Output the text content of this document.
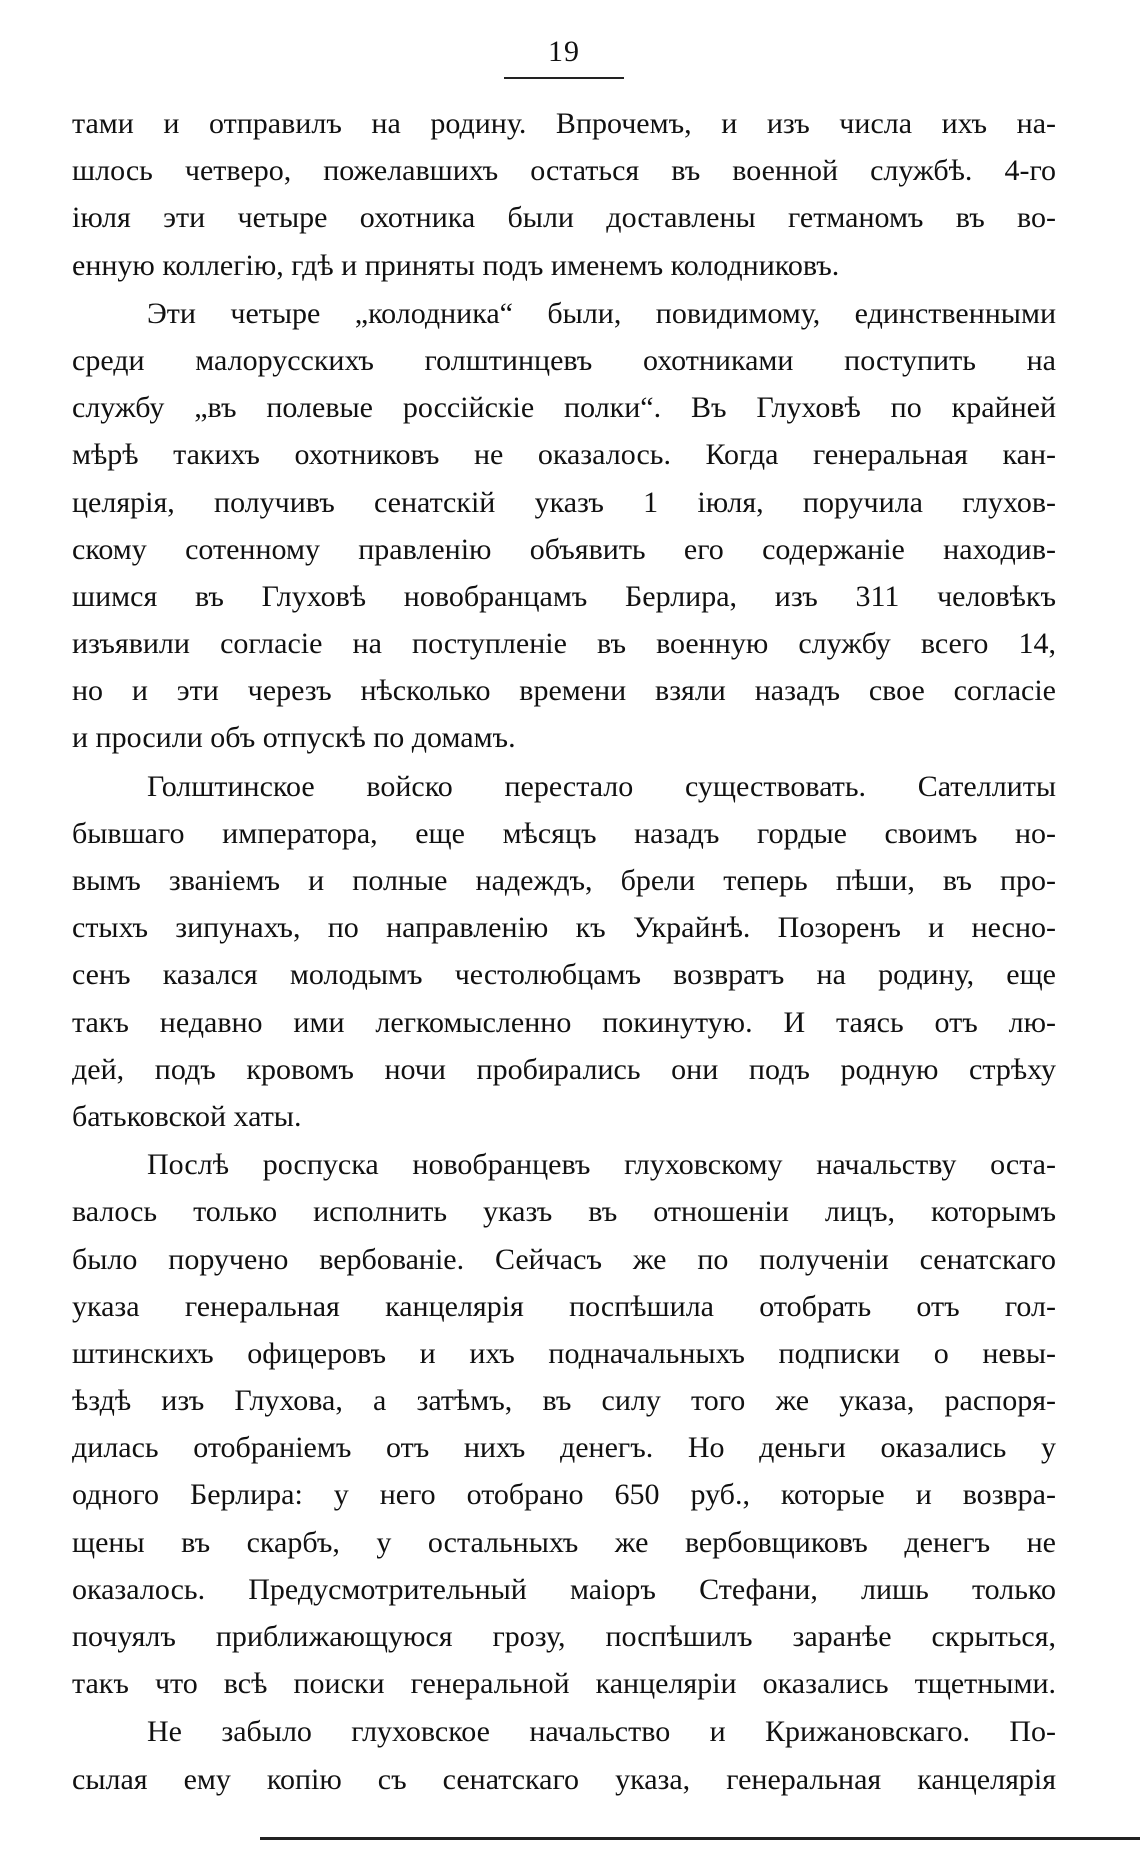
19
тами и отправилъ на родину. Впрочемъ, и изъ числа ихъ на-
шлось четверо, пожелавшихъ остаться въ военной службѣ. 4-го
іюля эти четыре охотника были доставлены гетманомъ въ во-
енную коллегію, гдѣ и приняты подъ именемъ колодниковъ.
Эти четыре „колодника“ были, повидимому, единственными
среди малорусскихъ голштинцевъ охотниками поступить на
службу „въ полевые россійскіе полки“. Въ Глуховѣ по крайней
мѣрѣ такихъ охотниковъ не оказалось. Когда генеральная кан-
целярія, получивъ сенатскій указъ 1 іюля, поручила глухов-
скому сотенному правленію объявить его содержаніе находив-
шимся въ Глуховѣ новобранцамъ Берлира, изъ 311 человѣкъ
изъявили согласіе на поступленіе въ военную службу всего 14,
но и эти черезъ нѣсколько времени взяли назадъ свое согласіе
и просили объ отпускѣ по домамъ.
Голштинское войско перестало существовать. Сателлиты
бывшаго императора, еще мѣсяцъ назадъ гордые своимъ но-
вымъ званіемъ и полные надеждъ, брели теперь пѣши, въ про-
стыхъ зипунахъ, по направленію къ Украйнѣ. Позоренъ и несно-
сенъ казался молодымъ честолюбцамъ возвратъ на родину, еще
такъ недавно ими легкомысленно покинутую. И таясь отъ лю-
дей, подъ кровомъ ночи пробирались они подъ родную стрѣху
батьковской хаты.
Послѣ роспуска новобранцевъ глуховскому начальству оста-
валось только исполнить указъ въ отношеніи лицъ, которымъ
было поручено вербованіе. Сейчасъ же по полученіи сенатскаго
указа генеральная канцелярія поспѣшила отобрать отъ гол-
штинскихъ офицеровъ и ихъ подначальныхъ подписки о невы-
ѣздѣ изъ Глухова, а затѣмъ, въ силу того же указа, распоря-
дилась отобраніемъ отъ нихъ денегъ. Но деньги оказались у
одного Берлира: у него отобрано 650 руб., которые и возвра-
щены въ скарбъ, у остальныхъ же вербовщиковъ денегъ не
оказалось. Предусмотрительный маіоръ Стефани, лишь только
почуялъ приближающуюся грозу, поспѣшилъ заранѣе скрыться,
такъ что всѣ поиски генеральной канцеляріи оказались тщетными.
Не забыло глуховское начальство и Крижановскаго. По-
сылая ему копію съ сенатскаго указа, генеральная канцелярія
